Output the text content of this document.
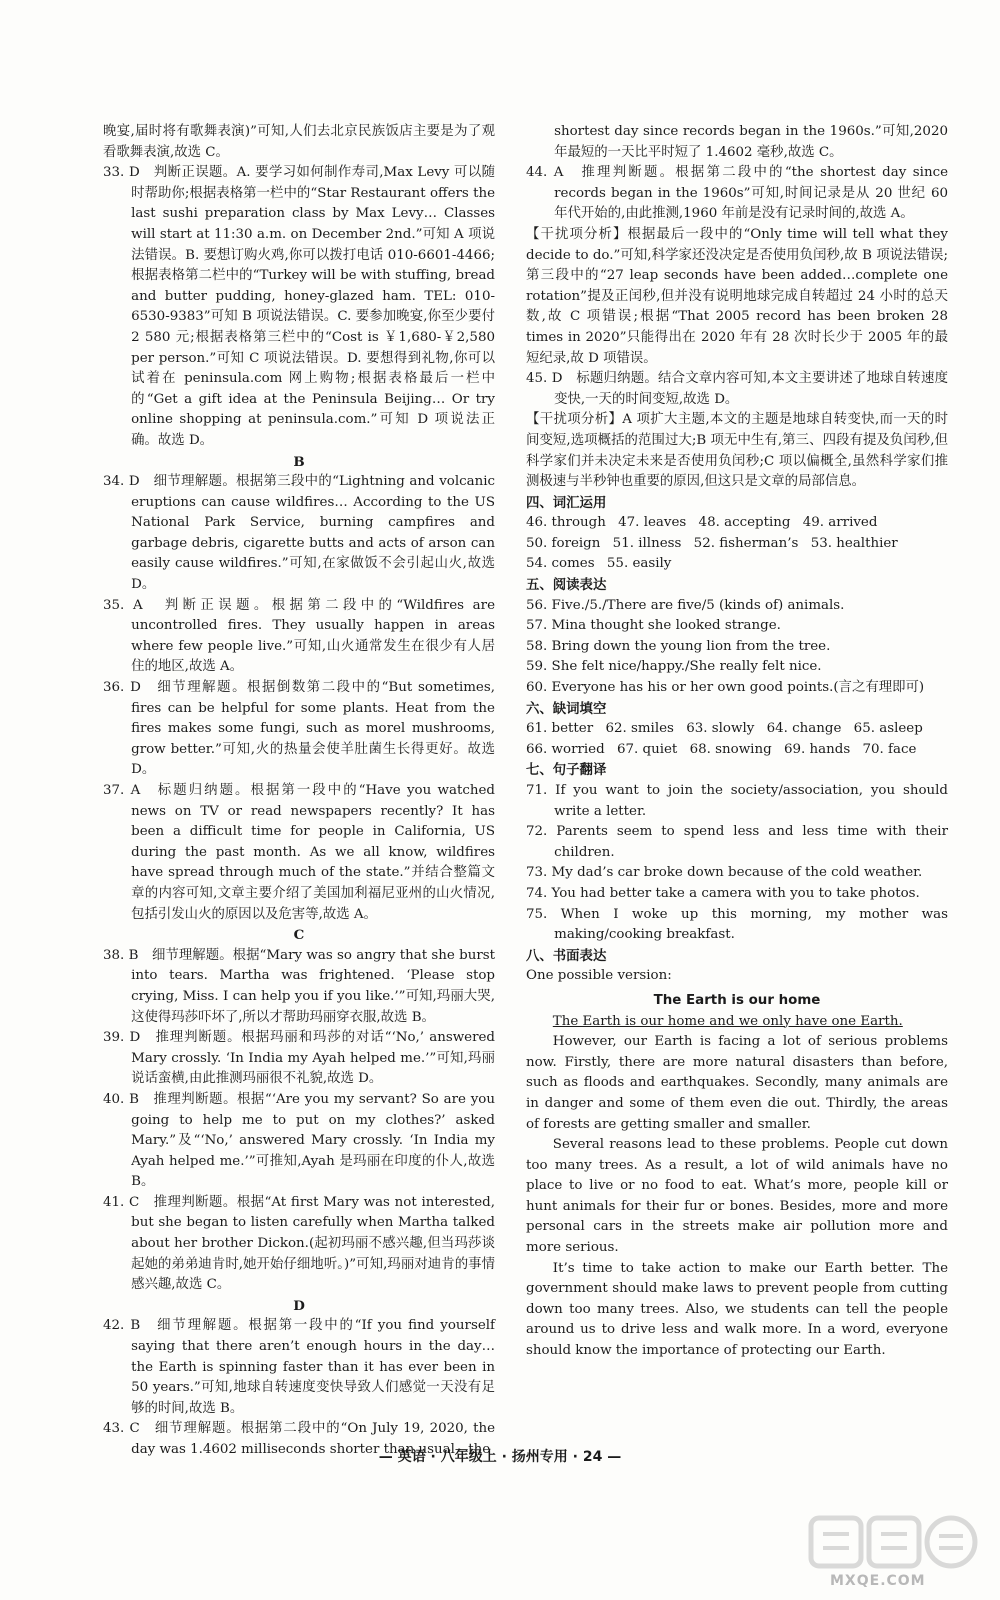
晚宴,届时将有歌舞表演)”可知,人们去北京民族饭店主要是为了观看歌舞表演,故选 C。

33. D　判断正误题。A. 要学习如何制作寿司,Max Levy 可以随时帮助你;根据表格第一栏中的“Star Restaurant offers the last sushi preparation class by Max Levy… Classes will start at 11:30 a.m. on December 2nd.”可知 A 项说法错误。B. 要想订购火鸡,你可以拨打电话 010-6601-4466;根据表格第二栏中的“Turkey will be with stuffing, bread and butter pudding, honey-glazed ham. TEL: 010-6530-9383”可知 B 项说法错误。C. 要参加晚宴,你至少要付 2 580 元;根据表格第三栏中的“Cost is ￥1,680-￥2,580 per person.”可知 C 项说法错误。D. 要想得到礼物,你可以试着在 peninsula.com 网上购物;根据表格最后一栏中的“Get a gift idea at the Peninsula Beijing… Or try online shopping at peninsula.com.”可知 D 项说法正确。故选 D。

B

34. D　细节理解题。根据第三段中的“Lightning and volcanic eruptions can cause wildfires… According to the US National Park Service, burning campfires and garbage debris, cigarette butts and acts of arson can easily cause wildfires.”可知,在家做饭不会引起山火,故选 D。

35. A　判断正误题。根据第二段中的“Wildfires are uncontrolled fires. They usually happen in areas where few people live.”可知,山火通常发生在很少有人居住的地区,故选 A。

36. D　细节理解题。根据倒数第二段中的“But sometimes, fires can be helpful for some plants. Heat from the fires makes some fungi, such as morel mushrooms, grow better.”可知,火的热量会使羊肚菌生长得更好。故选 D。

37. A　标题归纳题。根据第一段中的“Have you watched news on TV or read newspapers recently? It has been a difficult time for people in California, US during the past month. As we all know, wildfires have spread through much of the state.”并结合整篇文章的内容可知,文章主要介绍了美国加利福尼亚州的山火情况,包括引发山火的原因以及危害等,故选 A。

C

38. B　细节理解题。根据“Mary was so angry that she burst into tears. Martha was frightened. ‘Please stop crying, Miss. I can help you if you like.’”可知,玛丽大哭,这使得玛莎吓坏了,所以才帮助玛丽穿衣服,故选 B。

39. D　推理判断题。根据玛丽和玛莎的对话“‘No,’ answered Mary crossly. ‘In India my Ayah helped me.’”可知,玛丽说话蛮横,由此推测玛丽很不礼貌,故选 D。

40. B　推理判断题。根据“‘Are you my servant? So are you going to help me to put on my clothes?’ asked Mary.”及“‘No,’ answered Mary crossly. ‘In India my Ayah helped me.’”可推知,Ayah 是玛丽在印度的仆人,故选 B。

41. C　推理判断题。根据“At first Mary was not interested, but she began to listen carefully when Martha talked about her brother Dickon.(起初玛丽不感兴趣,但当玛莎谈起她的弟弟迪肯时,她开始仔细地听。)”可知,玛丽对迪肯的事情感兴趣,故选 C。

D

42. B　细节理解题。根据第一段中的“If you find yourself saying that there aren’t enough hours in the day… the Earth is spinning faster than it has ever been in 50 years.”可知,地球自转速度变快导致人们感觉一天没有足够的时间,故选 B。

43. C　细节理解题。根据第二段中的“On July 19, 2020, the day was 1.4602 milliseconds shorter than usual—the

shortest day since records began in the 1960s.”可知,2020 年最短的一天比平时短了 1.4602 毫秒,故选 C。

44. A　推理判断题。根据第二段中的“the shortest day since records began in the 1960s”可知,时间记录是从 20 世纪 60 年代开始的,由此推测,1960 年前是没有记录时间的,故选 A。

【干扰项分析】根据最后一段中的“Only time will tell what they decide to do.”可知,科学家还没决定是否使用负闰秒,故 B 项说法错误;第三段中的“27 leap seconds have been added…complete one rotation”提及正闰秒,但并没有说明地球完成自转超过 24 小时的总天数,故 C 项错误;根据“That 2005 record has been broken 28 times in 2020”只能得出在 2020 年有 28 次时长少于 2005 年的最短纪录,故 D 项错误。

45. D　标题归纳题。结合文章内容可知,本文主要讲述了地球自转速度变快,一天的时间变短,故选 D。

【干扰项分析】A 项扩大主题,本文的主题是地球自转变快,而一天的时间变短,选项概括的范围过大;B 项无中生有,第三、四段有提及负闰秒,但科学家们并未决定未来是否使用负闰秒;C 项以偏概全,虽然科学家们推测极速与半秒钟也重要的原因,但这只是文章的局部信息。

四、词汇运用

46. through 47. leaves 48. accepting 49. arrived

50. foreign 51. illness 52. fisherman’s 53. healthier

54. comes 55. easily

五、阅读表达

56. Five./5./There are five/5 (kinds of) animals.

57. Mina thought she looked strange.

58. Bring down the young lion from the tree.

59. She felt nice/happy./She really felt nice.

60. Everyone has his or her own good points.(言之有理即可)

六、缺词填空

61. better 62. smiles 63. slowly 64. change 65. asleep

66. worried 67. quiet 68. snowing 69. hands 70. face

七、句子翻译

71. If you want to join the society/association, you should write a letter.

72. Parents seem to spend less and less time with their children.

73. My dad’s car broke down because of the cold weather.

74. You had better take a camera with you to take photos.

75. When I woke up this morning, my mother was making/cooking breakfast.

八、书面表达

One possible version:

The Earth is our home

The Earth is our home and we only have one Earth.

However, our Earth is facing a lot of serious problems now. Firstly, there are more natural disasters than before, such as floods and earthquakes. Secondly, many animals are in danger and some of them even die out. Thirdly, the areas of forests are getting smaller and smaller.

Several reasons lead to these problems. People cut down too many trees. As a result, a lot of wild animals have no place to live or no food to eat. What’s more, people kill or hunt animals for their fur or bones. Besides, more and more personal cars in the streets make air pollution more and more serious.

It’s time to take action to make our Earth better. The government should make laws to prevent people from cutting down too many trees. Also, we students can tell the people around us to drive less and walk more. In a word, everyone should know the importance of protecting our Earth.

— 英语 · 八年级上 · 扬州专用 · 24 —
MXQE.COM
